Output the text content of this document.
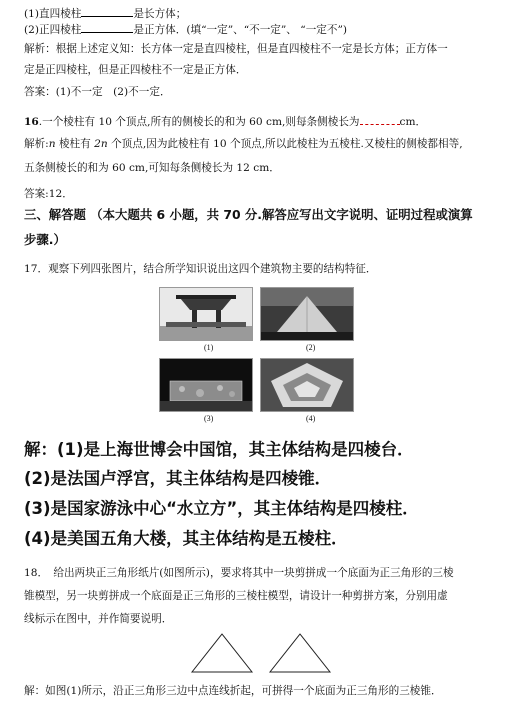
(1)直四棱柱	是长方体；
(2)正四棱柱	是正方体．(填“一定”、“不一定”、 “一定不”)
解析：根据上述定义知：长方体一定是直四棱柱，但是直四棱柱不一定是长方体；正方体一
定是正四棱柱，但是正四棱柱不一定是正方体．
答案：(1)不一定　(2)不一定．
16.一个棱柱有 10 个顶点,所有的侧棱长的和为 60 cm,则每条侧棱长为	cm．
解析:n 棱柱有 2n 个顶点,因为此棱柱有 10 个顶点,所以此棱柱为五棱柱.又棱柱的侧棱都相等,
五条侧棱长的和为 60 cm,可知每条侧棱长为 12 cm．
答案:12．
三、解答题 （本大题共 6 小题，共 70 分.解答应写出文字说明、证明过程或演算
步骤.）
17．观察下列四张图片，结合所学知识说出这四个建筑物主要的结构特征．
(1)	(2)
(3)	(4)
解：(1)是上海世博会中国馆，其主体结构是四棱台．
(2)是法国卢浮宫，其主体结构是四棱锥．
(3)是国家游泳中心“水立方”，其主体结构是四棱柱．
(4)是美国五角大楼，其主体结构是五棱柱．
18．　给出两块正三角形纸片(如图所示)，要求将其中一块剪拼成一个底面为正三角形的三棱
锥模型，另一块剪拼成一个底面是正三角形的三棱柱模型，请设计一种剪拼方案，分别用虚
线标示在图中，并作简要说明．
解：如图(1)所示，沿正三角形三边中点连线折起，可拼得一个底面为正三角形的三棱锥．
